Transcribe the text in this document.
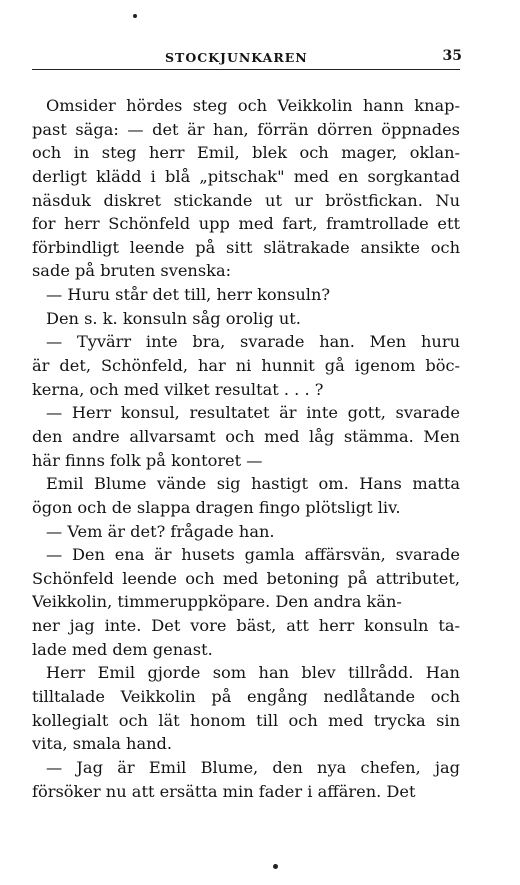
STOCKJUNKAREN	35
Omsider hördes steg och Veikkolin hann knap-
past säga: — det är han, förrän dörren öppnades
och in steg herr Emil, blek och mager, oklan-
derligt klädd i blå „pitschak" med en sorgkantad
näsduk diskret stickande ut ur bröstfickan. Nu
for herr Schönfeld upp med fart, framtrollade ett
förbindligt leende på sitt slätrakade ansikte och
sade på bruten svenska:
— Huru står det till, herr konsuln?
Den s. k. konsuln såg orolig ut.
— Tyvärr inte bra, svarade han. Men huru
är det, Schönfeld, har ni hunnit gå igenom böc-
kerna, och med vilket resultat . . . ?
— Herr konsul, resultatet är inte gott, svarade
den andre allvarsamt och med låg stämma. Men
här finns folk på kontoret —
Emil Blume vände sig hastigt om. Hans matta
ögon och de slappa dragen fingo plötsligt liv.
— Vem är det? frågade han.
— Den ena är husets gamla affärsvän, svarade
Schönfeld leende och med betoning på attributet,
Veikkolin, timmeruppköpare. Den andra kän-
ner jag inte. Det vore bäst, att herr konsuln ta-
lade med dem genast.
Herr Emil gjorde som han blev tillrådd. Han
tilltalade Veikkolin på engång nedlåtande och
kollegialt och lät honom till och med trycka sin
vita, smala hand.
— Jag är Emil Blume, den nya chefen, jag
försöker nu att ersätta min fader i affären. Det
